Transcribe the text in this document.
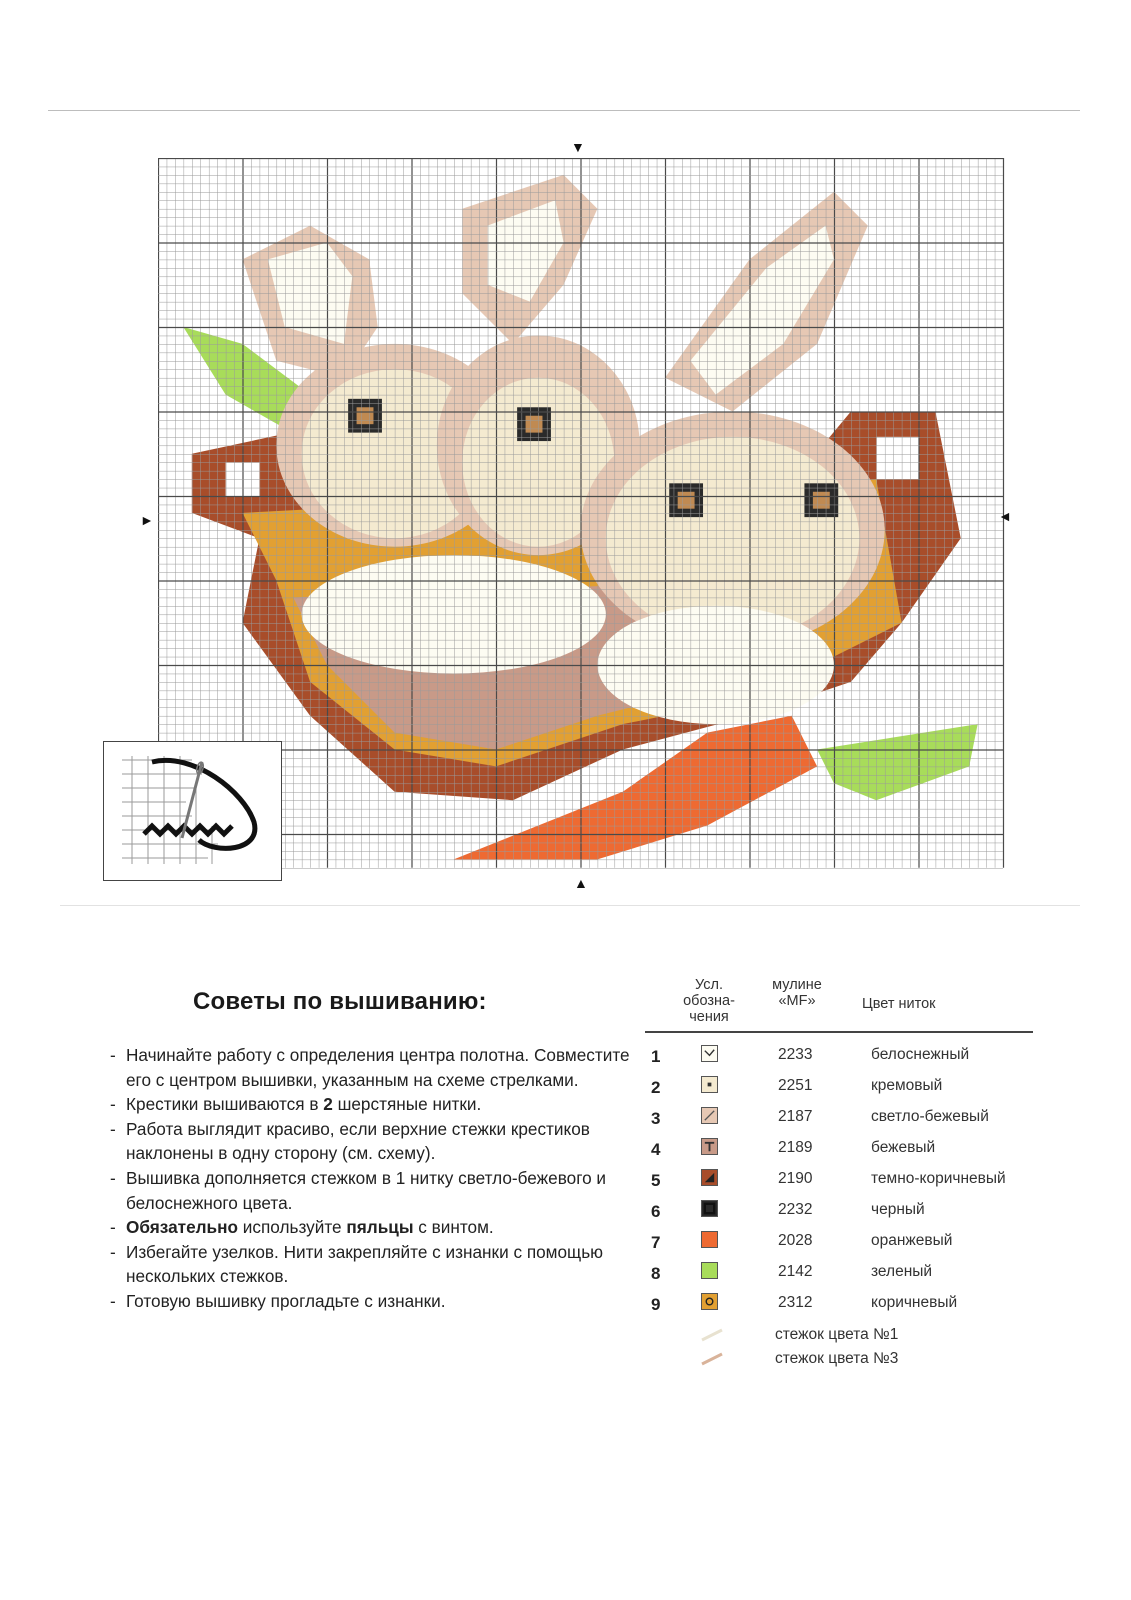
▼
▲
►	◄
Советы по вышиванию:
- Начинайте работу с определения центра полотна. Совместите его с центром вышивки, указанным на схеме стрелками.
- Крестики вышиваются в 2 шерстяные нитки.
- Работа выглядит красиво, если верхние стежки крестиков наклонены в одну сторону (см. схему).
- Вышивка дополняется стежком в 1 нитку светло-бежевого и белоснежного цвета.
- Обязательно используйте пяльцы с винтом.
- Избегайте узелков. Нити закрепляйте с изнанки с помощью нескольких стежков.
- Готовую вышивку прогладьте с изнанки.
Усл.
обозна-
чения
мулине
«MF»	Цвет ниток
1	2233	белоснежный
2	2251	кремовый
3	2187	светло-бежевый
4	2189	бежевый
5	2190	темно-коричневый
6	2232	черный
7	2028	оранжевый
8	2142	зеленый
9	2312	коричневый
стежок цвета №1
стежок цвета №3
